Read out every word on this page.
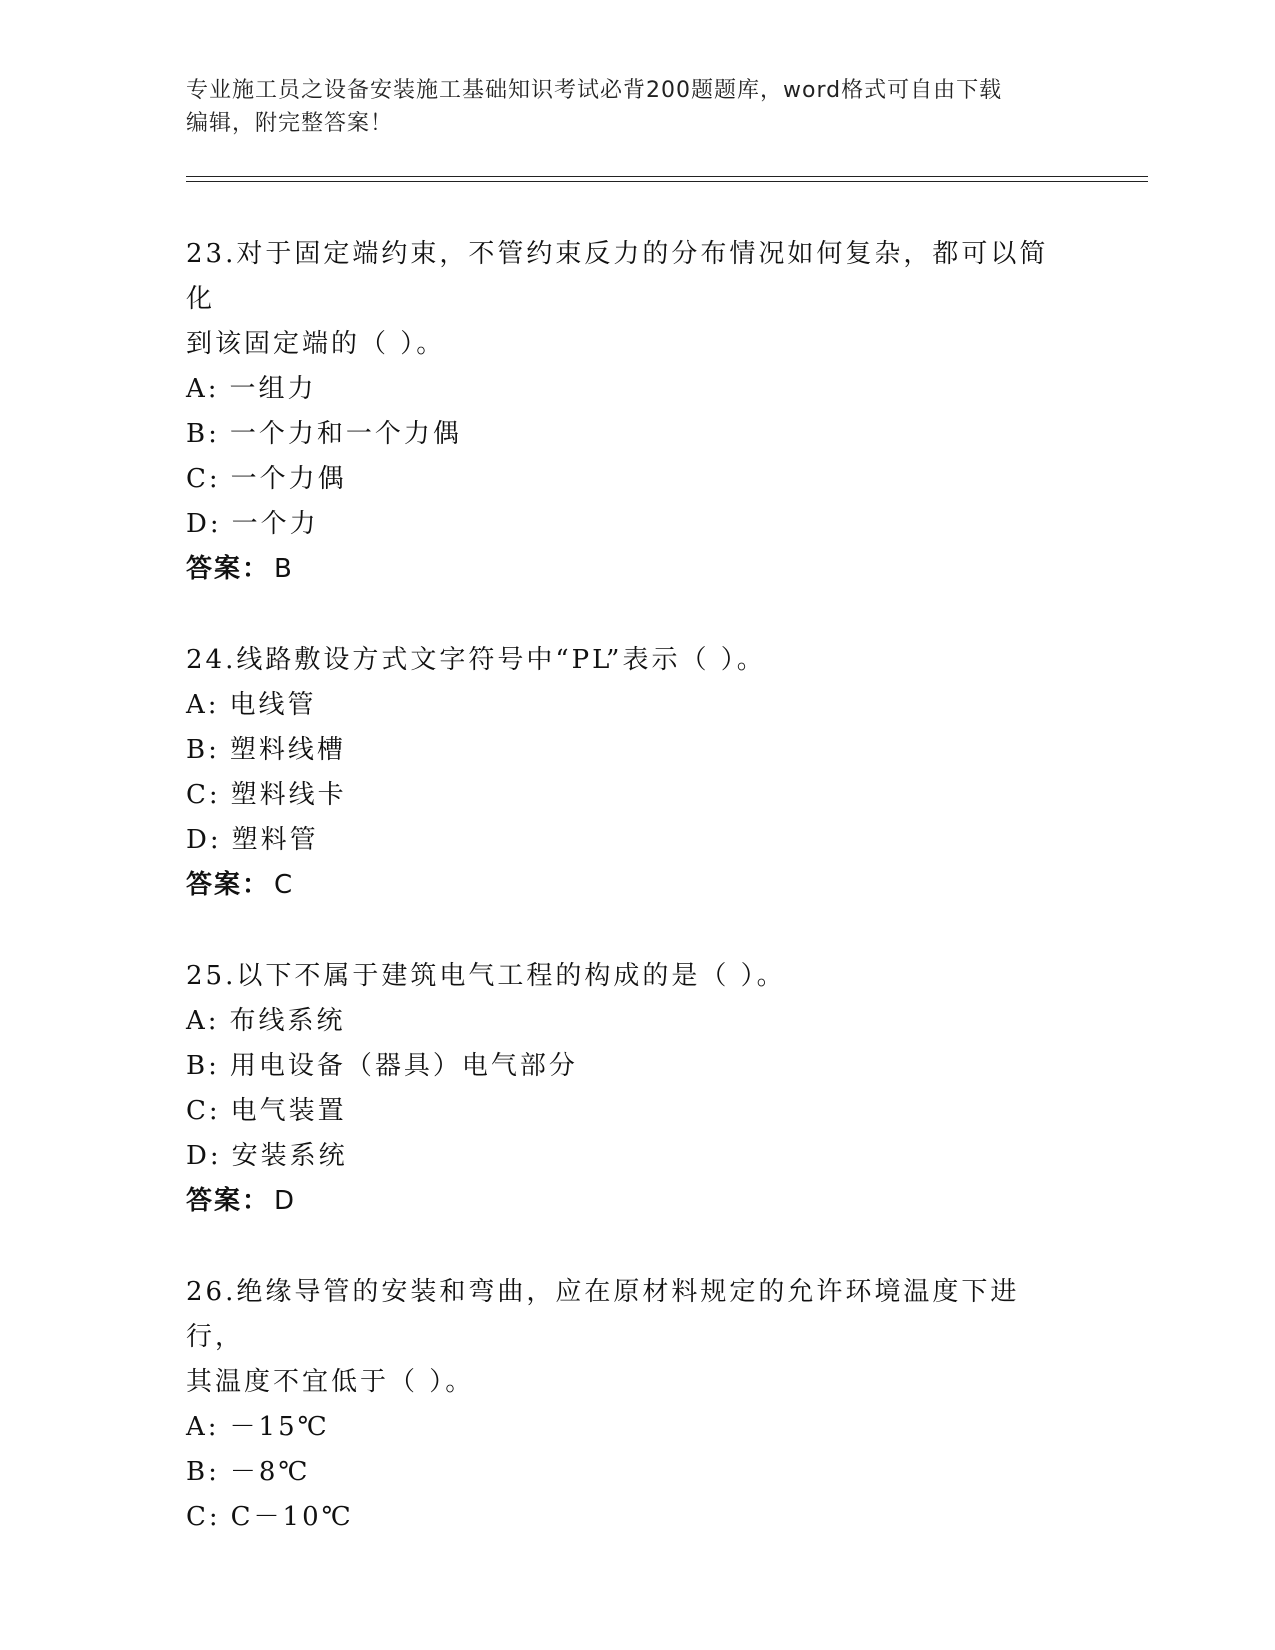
专业施工员之设备安装施工基础知识考试必背200题题库，word格式可自由下载
编辑，附完整答案！

23.对于固定端约束，不管约束反力的分布情况如何复杂，都可以简化

到该固定端的（ ）。

A: 一组力

B: 一个力和一个力偶

C: 一个力偶

D: 一个力

答案： B

24.线路敷设方式文字符号中“PL”表示（ ）。

A: 电线管

B: 塑料线槽

C: 塑料线卡

D: 塑料管

答案： C

25.以下不属于建筑电气工程的构成的是（ ）。

A: 布线系统

B: 用电设备（器具）电气部分

C: 电气装置

D: 安装系统

答案： D

26.绝缘导管的安装和弯曲，应在原材料规定的允许环境温度下进行，

其温度不宜低于（ ）。

A: －15℃

B: －8℃

C: C－10℃
